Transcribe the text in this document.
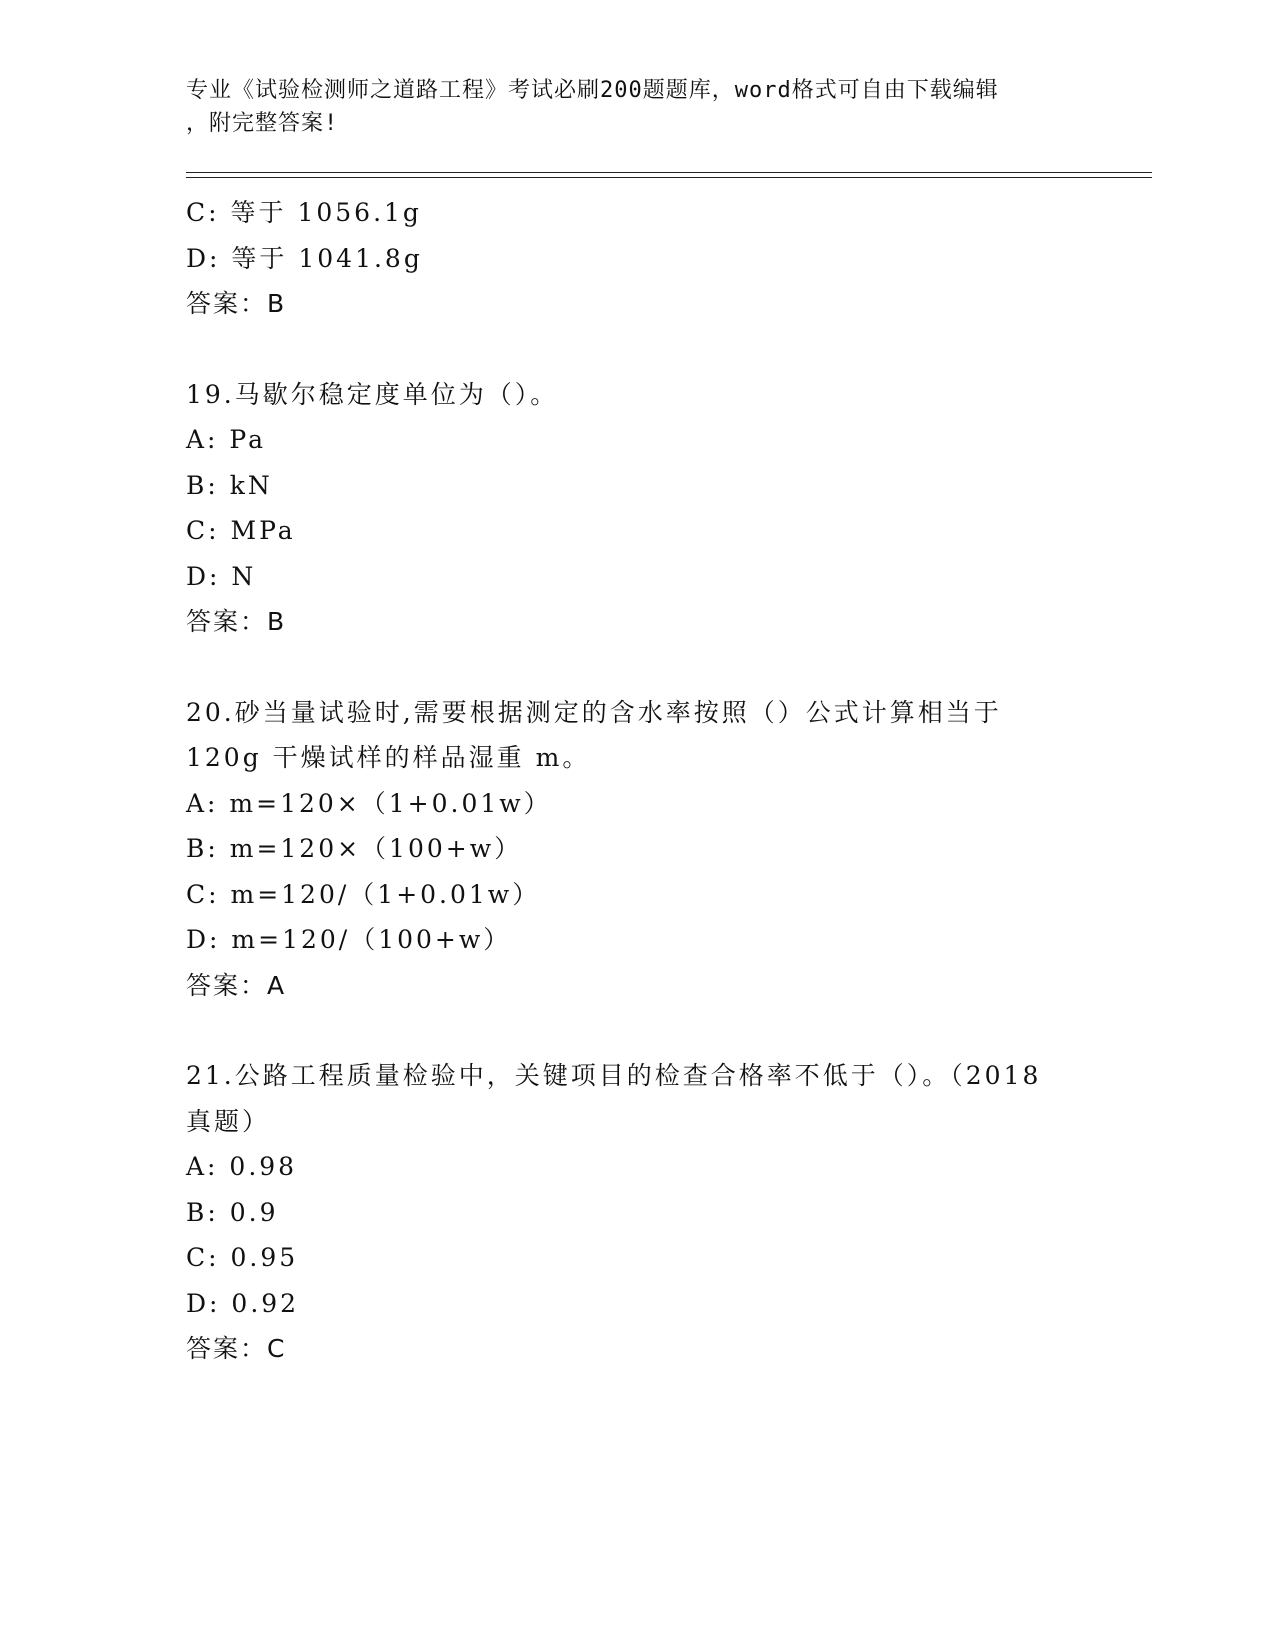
专业《试验检测师之道路工程》考试必刷200题题库，word格式可自由下载编辑
，附完整答案!
C: 等于 1056.1g
D: 等于 1041.8g
答案：B
19.马歇尔稳定度单位为（）。
A: Pa
B: kN
C: MPa
D: N
答案：B
20.砂当量试验时,需要根据测定的含水率按照（）公式计算相当于
120g 干燥试样的样品湿重 m。
A: m=120×（1+0.01w）
B: m=120×（100+w）
C: m=120/（1+0.01w）
D: m=120/（100+w）
答案：A
21.公路工程质量检验中，关键项目的检查合格率不低于（）。（2018
真题）
A: 0.98
B: 0.9
C: 0.95
D: 0.92
答案：C
